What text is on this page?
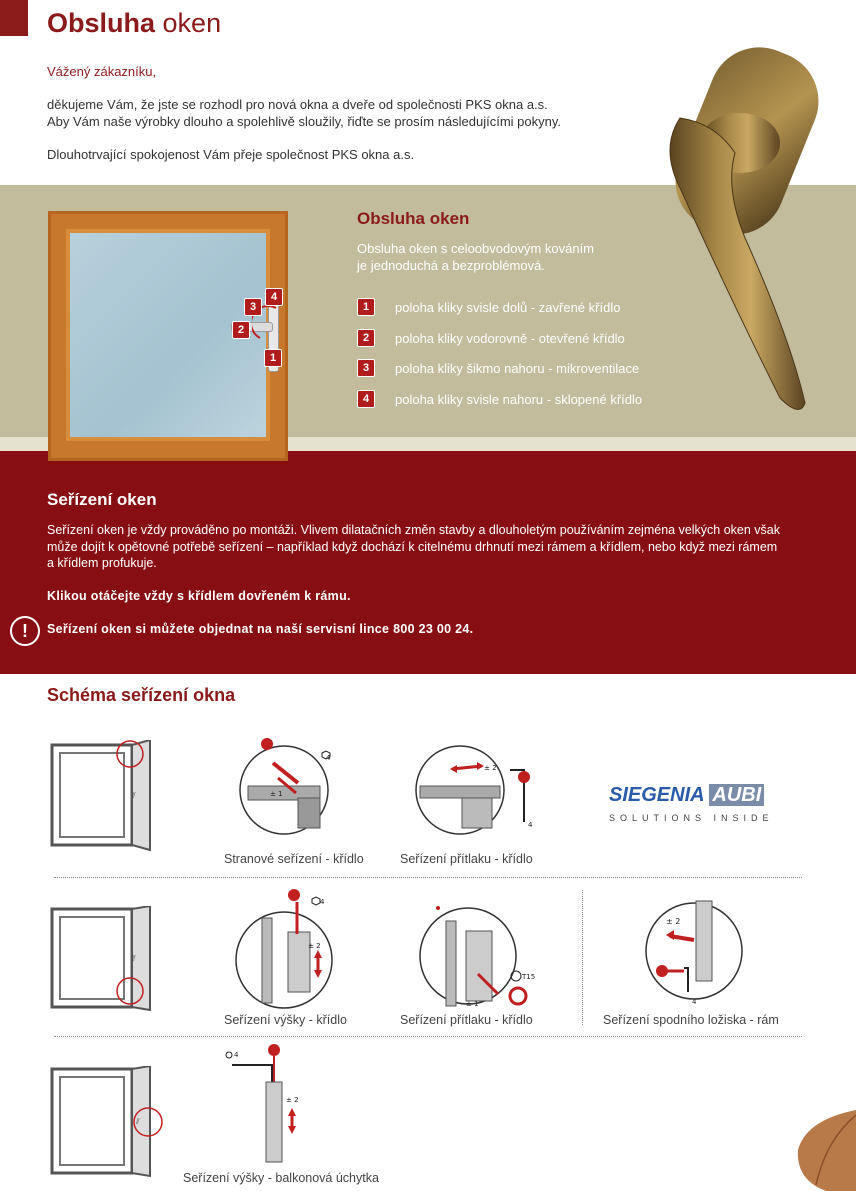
Obsluha oken
Vážený zákazníku,
děkujeme Vám, že jste se rozhodl pro nová okna a dveře od společnosti PKS okna a.s.
Aby Vám naše výrobky dlouho a spolehlivě sloužily, řiďte se prosím následujícími pokyny.
Dlouhotrvající spokojenost Vám přeje společnost PKS okna a.s.
3
4
2
1
Obsluha oken
Obsluha oken s celoobvodovým kováním
je jednoduchá a bezproblémová.
1	poloha kliky svisle dolů - zavřené křídlo
2	poloha kliky vodorovně - otevřené křídlo
3	poloha kliky šikmo nahoru - mikroventilace
4	poloha kliky svisle nahoru - sklopené křídlo
Seřízení oken
Seřízení oken je vždy prováděno po montáži. Vlivem dilatačních změn stavby a dlouholetým používáním zejména velkých oken však
může dojít k opětovné potřebě seřízení – například když dochází k citelnému drhnutí mezi rámem a křídlem, nebo když mezi rámem
a křídlem profukuje.
Klikou otáčejte vždy s křídlem dovřeném k rámu.
!	Seřízení oken si můžete objednat na naší servisní lince 800 23 00 24.
Schéma seřízení okna
⫽	± 1
4
± 2
4
SIEGENIA AUBI
SOLUTIONS INSIDE
Stranové seřízení - křídlo	Seřízení přítlaku - křídlo
⫽
± 2
4
± 1
T15
± 2
4
Seřízení výšky - křídlo	Seřízení přítlaku - křídlo	Seřízení spodního ložiska - rám
⫽
± 2
4
Seřízení výšky - balkonová úchytka
